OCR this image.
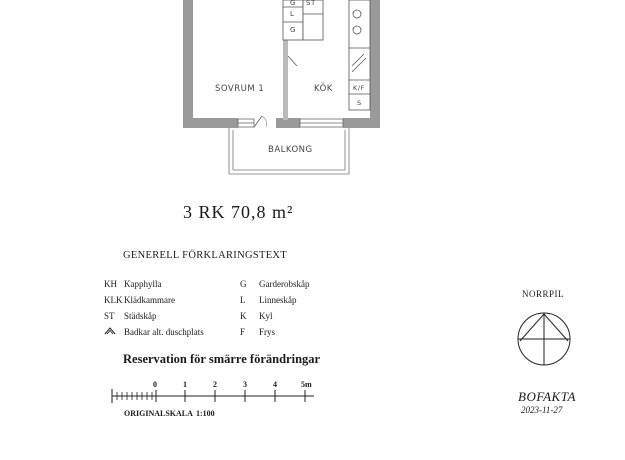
SOVRUM 1	KÖK
BALKONG
G
L
G
ST
K/F
S
3 RK 70,8 m²
GENERELL FÖRKLARINGSTEXT
KH Kapphylla
KLK Klädkammare
ST Städskåp
Badkar alt. duschplats
G Garderobskåp
L Linneskåp
K Kyl
F Frys
Reservation för smärre förändringar
0	1	2	3	4	5m
ORIGINALSKALA 1:100
NORRPIL
BOFAKTA
2023-11-27
